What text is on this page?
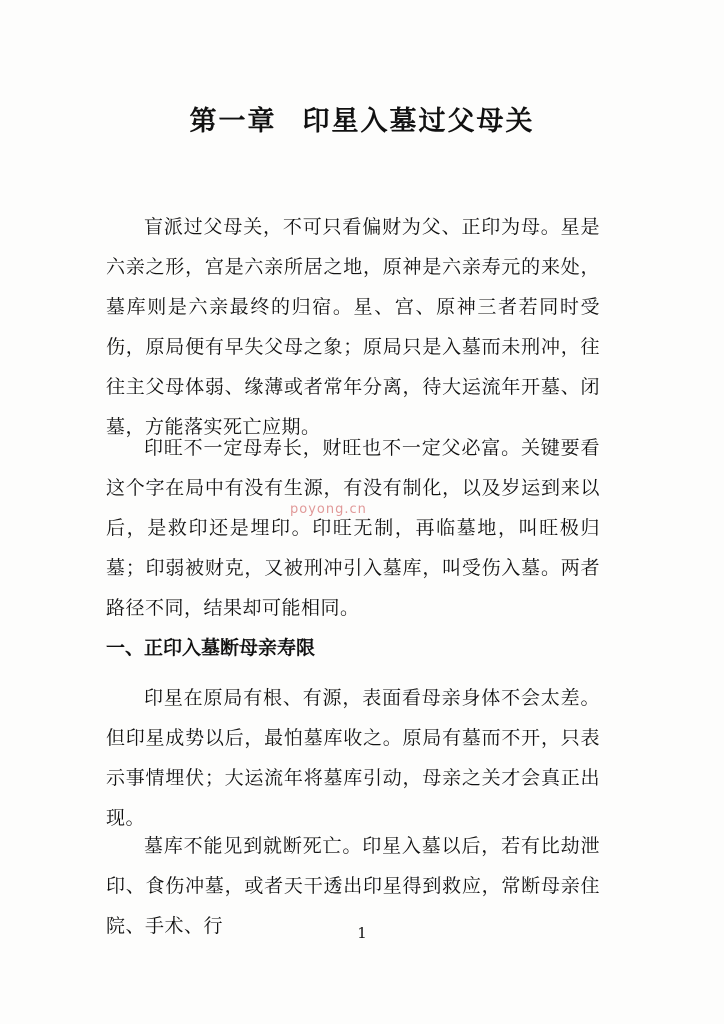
第一章 印星入墓过父母关
盲派过父母关，不可只看偏财为父、正印为母。星是六亲之形，宫是六亲所居之地，原神是六亲寿元的来处，墓库则是六亲最终的归宿。星、宫、原神三者若同时受伤，原局便有早失父母之象；原局只是入墓而未刑冲，往往主父母体弱、缘薄或者常年分离，待大运流年开墓、闭墓，方能落实死亡应期。
印旺不一定母寿长，财旺也不一定父必富。关键要看这个字在局中有没有生源，有没有制化，以及岁运到来以后，是救印还是埋印。印旺无制，再临墓地，叫旺极归墓；印弱被财克，又被刑冲引入墓库，叫受伤入墓。两者路径不同，结果却可能相同。
poyong.cn
一、正印入墓断母亲寿限
印星在原局有根、有源，表面看母亲身体不会太差。但印星成势以后，最怕墓库收之。原局有墓而不开，只表示事情埋伏；大运流年将墓库引动，母亲之关才会真正出现。
墓库不能见到就断死亡。印星入墓以后，若有比劫泄印、食伤冲墓，或者天干透出印星得到救应，常断母亲住院、手术、行	1
